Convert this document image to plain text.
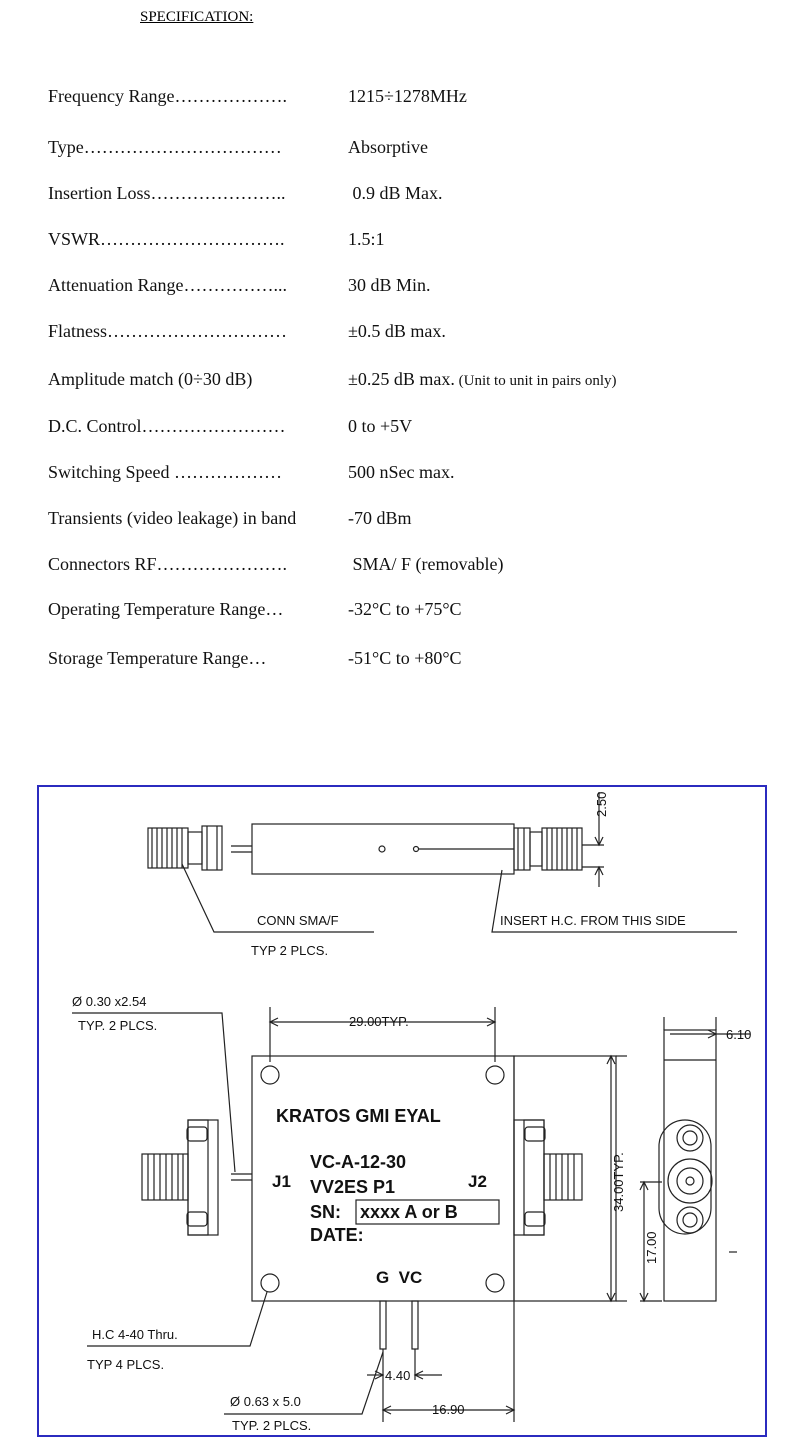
SPECIFICATION:
Frequency Range……………….	1215÷1278MHz
Type……………………………	Absorptive
Insertion Loss…………………..	0.9 dB Max.
VSWR………………………….	1.5:1
Attenuation Range……………...	30 dB Min.
Flatness…………………………	±0.5 dB max.
Amplitude match (0÷30 dB)	±0.25 dB max. (Unit to unit in pairs only)
D.C. Control……………………	0 to +5V
Switching Speed ………………	500 nSec max.
Transients (video leakage) in band	-70 dBm
Connectors RF………………….	SMA/ F (removable)
Operating Temperature Range…	-32°C to +75°C
Storage Temperature Range…	-51°C to +80°C
CONN SMA/F
TYP 2 PLCS.
INSERT H.C. FROM THIS SIDE
2.50
Ø 0.30 x2.54
TYP. 2 PLCS.	29.00TYP.
34.00TYP.
17.00
6.10
H.C 4-40 Thru.
TYP 4 PLCS.
Ø 0.63 x 5.0
TYP. 2 PLCS.
4.40
16.90
KRATOS GMI EYAL
VC-A-12-30
VV2ES P1
SN: xxxx A or B
DATE:
J1	J2
G  VC
